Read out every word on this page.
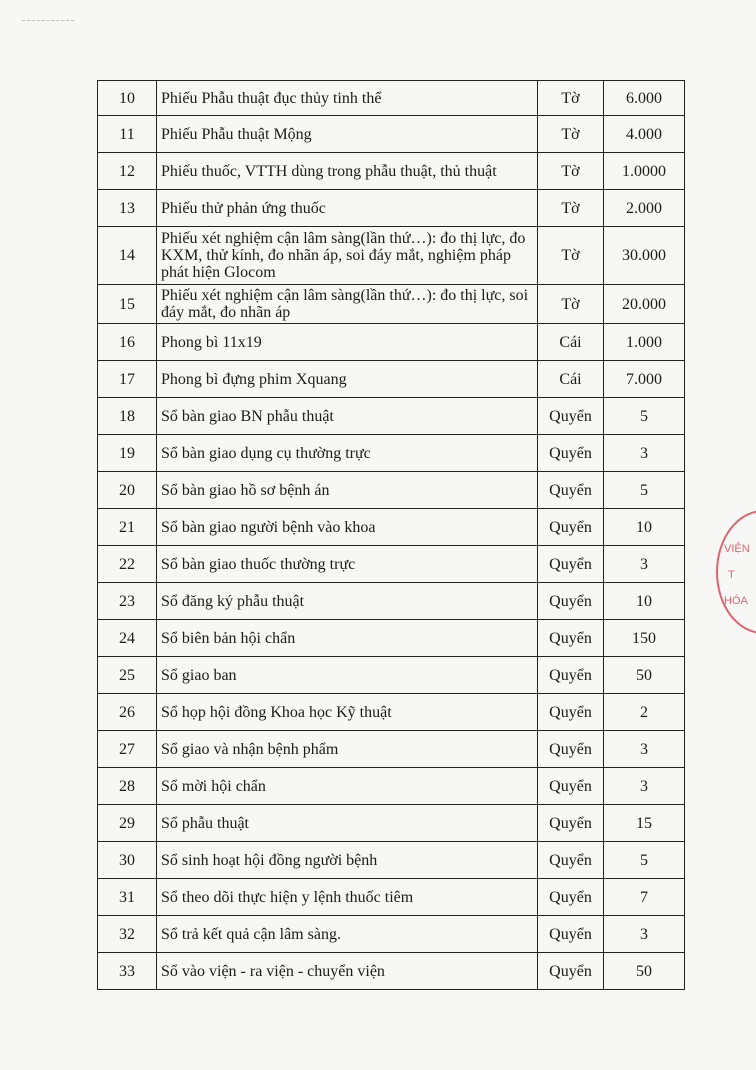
10	Phiếu Phẫu thuật đục thủy tinh thể	Tờ	6.000
11	Phiếu Phẫu thuật Mộng	Tờ	4.000
12	Phiếu thuốc, VTTH dùng trong phẫu thuật, thủ thuật	Tờ	1.0000
13	Phiếu thử phản ứng thuốc	Tờ	2.000
14	Phiếu xét nghiệm cận lâm sàng(lần thứ…): đo thị lực, đo KXM, thử kính, đo nhãn áp, soi đáy mắt, nghiệm pháp phát hiện Glocom	Tờ	30.000
15	Phiếu xét nghiệm cận lâm sàng(lần thứ…): đo thị lực, soi đáy mắt, đo nhãn áp	Tờ	20.000
16	Phong bì 11x19	Cái	1.000
17	Phong bì đựng phim Xquang	Cái	7.000
18	Sổ bàn giao BN phẫu thuật	Quyển	5
19	Sổ bàn giao dụng cụ thường trực	Quyển	3
20	Sổ bàn giao hồ sơ bệnh án	Quyển	5
21	Sổ bàn giao người bệnh vào khoa	Quyển	10
22	Sổ bàn giao thuốc thường trực	Quyển	3
23	Sổ đăng ký phẫu thuật	Quyển	10
24	Sổ biên bản hội chẩn	Quyển	150
25	Sổ giao ban	Quyển	50
26	Sổ họp hội đồng Khoa học Kỹ thuật	Quyển	2
27	Sổ giao và nhận bệnh phẩm	Quyển	3
28	Sổ mời hội chẩn	Quyển	3
29	Sổ phẫu thuật	Quyển	15
30	Sổ sinh hoạt hội đồng người bệnh	Quyển	5
31	Sổ theo dõi thực hiện y lệnh thuốc tiêm	Quyển	7
32	Sổ trả kết quả cận lâm sàng.	Quyển	3
33	Sổ vào viện - ra viện - chuyển viện	Quyển	50
VIỆN
T
HÓA
